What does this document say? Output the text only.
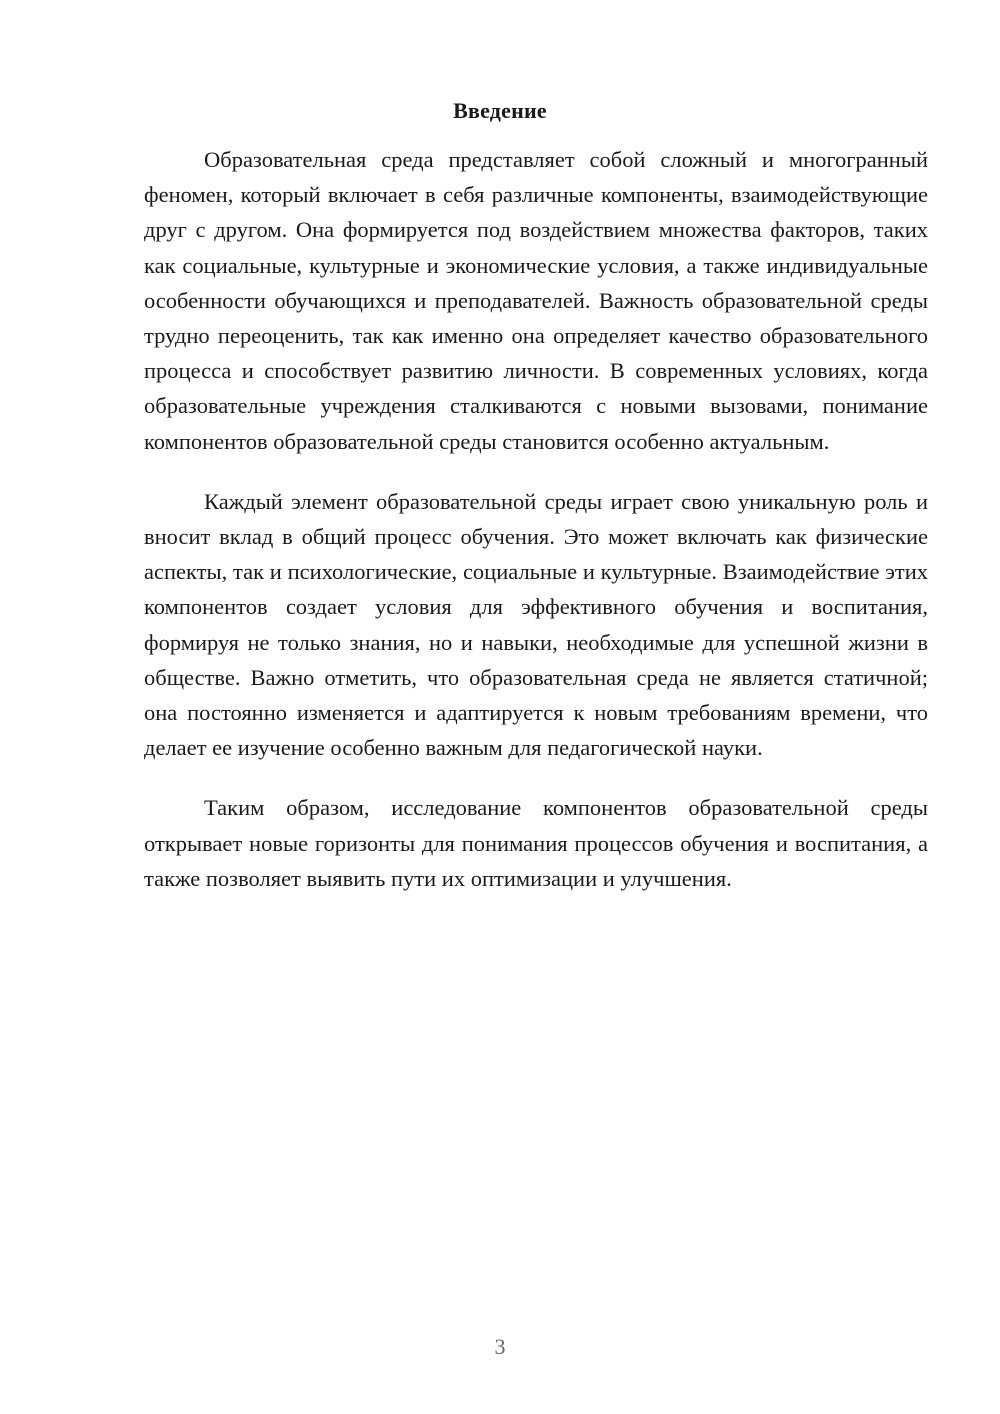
Введение

Образовательная среда представляет собой сложный и многогранный феномен, который включает в себя различные компоненты, взаимодействующие друг с другом. Она формируется под воздействием множества факторов, таких как социальные, культурные и экономические условия, а также индивидуальные особенности обучающихся и преподавателей. Важность образовательной среды трудно переоценить, так как именно она определяет качество образовательного процесса и способствует развитию личности. В современных условиях, когда образовательные учреждения сталкиваются с новыми вызовами, понимание компонентов образовательной среды становится особенно актуальным.

Каждый элемент образовательной среды играет свою уникальную роль и вносит вклад в общий процесс обучения. Это может включать как физические аспекты, так и психологические, социальные и культурные. Взаимодействие этих компонентов создает условия для эффективного обучения и воспитания, формируя не только знания, но и навыки, необходимые для успешной жизни в обществе. Важно отметить, что образовательная среда не является статичной; она постоянно изменяется и адаптируется к новым требованиям времени, что делает ее изучение особенно важным для педагогической науки.

Таким образом, исследование компонентов образовательной среды открывает новые горизонты для понимания процессов обучения и воспитания, а также позволяет выявить пути их оптимизации и улучшения.

3
